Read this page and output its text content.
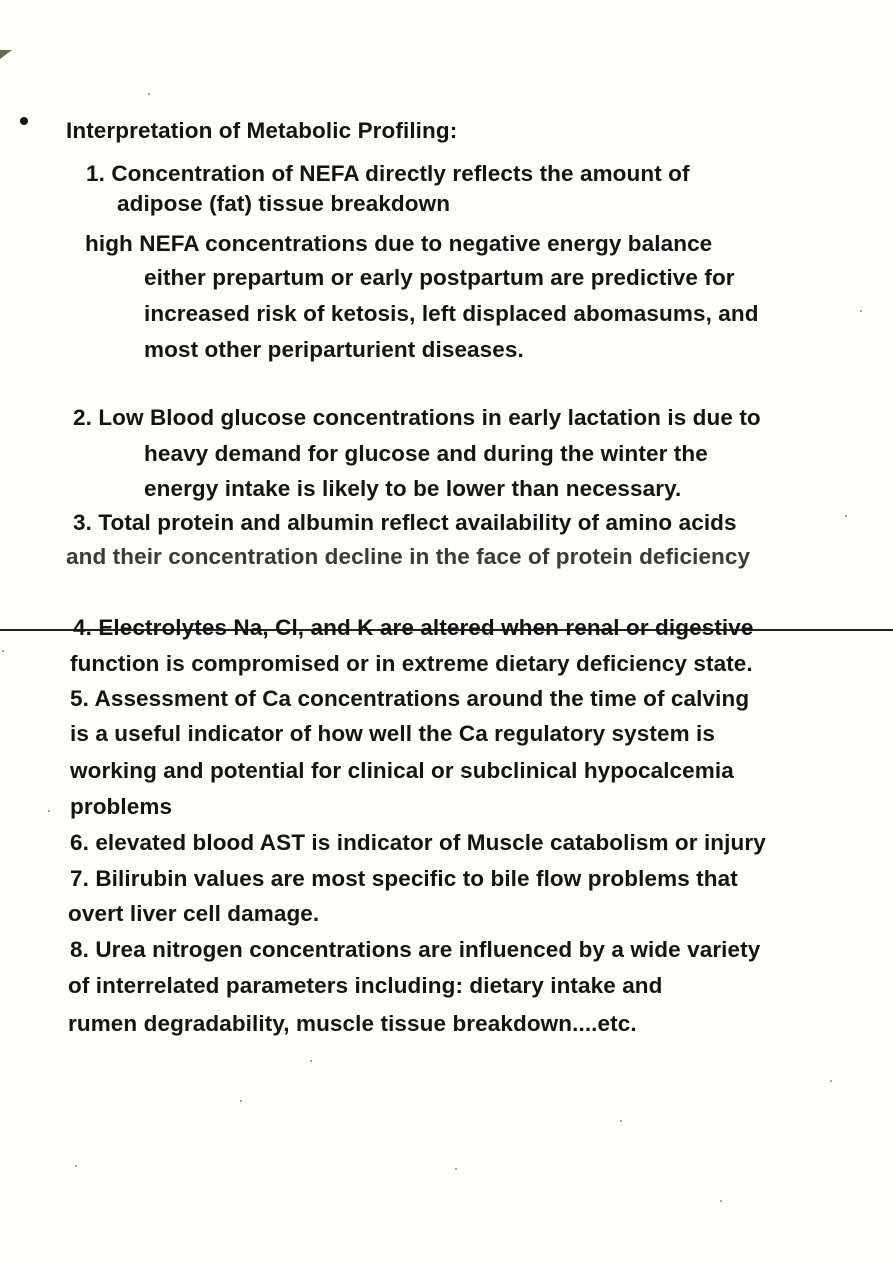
Interpretation of Metabolic Profiling:
1. Concentration of NEFA directly reflects the amount of
adipose (fat) tissue breakdown
high NEFA concentrations due to negative energy balance
either prepartum or early postpartum are predictive for
increased risk of ketosis, left displaced abomasums, and
most other periparturient diseases.
2. Low Blood glucose concentrations in early lactation is due to
heavy demand for glucose and during the winter the
energy intake is likely to be lower than necessary.
3. Total protein and albumin reflect availability of amino acids
and their concentration decline in the face of protein deficiency
4. Electrolytes Na, Cl, and K are altered when renal or digestive
function is compromised or in extreme dietary deficiency state.
5. Assessment of Ca concentrations around the time of calving
is a useful indicator of how well the Ca regulatory system is
working and potential for clinical or subclinical hypocalcemia
problems
6. elevated blood AST is indicator of Muscle catabolism or injury
7. Bilirubin values are most specific to bile flow problems that
overt liver cell damage.
8. Urea nitrogen concentrations are influenced by a wide variety
of interrelated parameters including: dietary intake and
rumen degradability, muscle tissue breakdown....etc.
